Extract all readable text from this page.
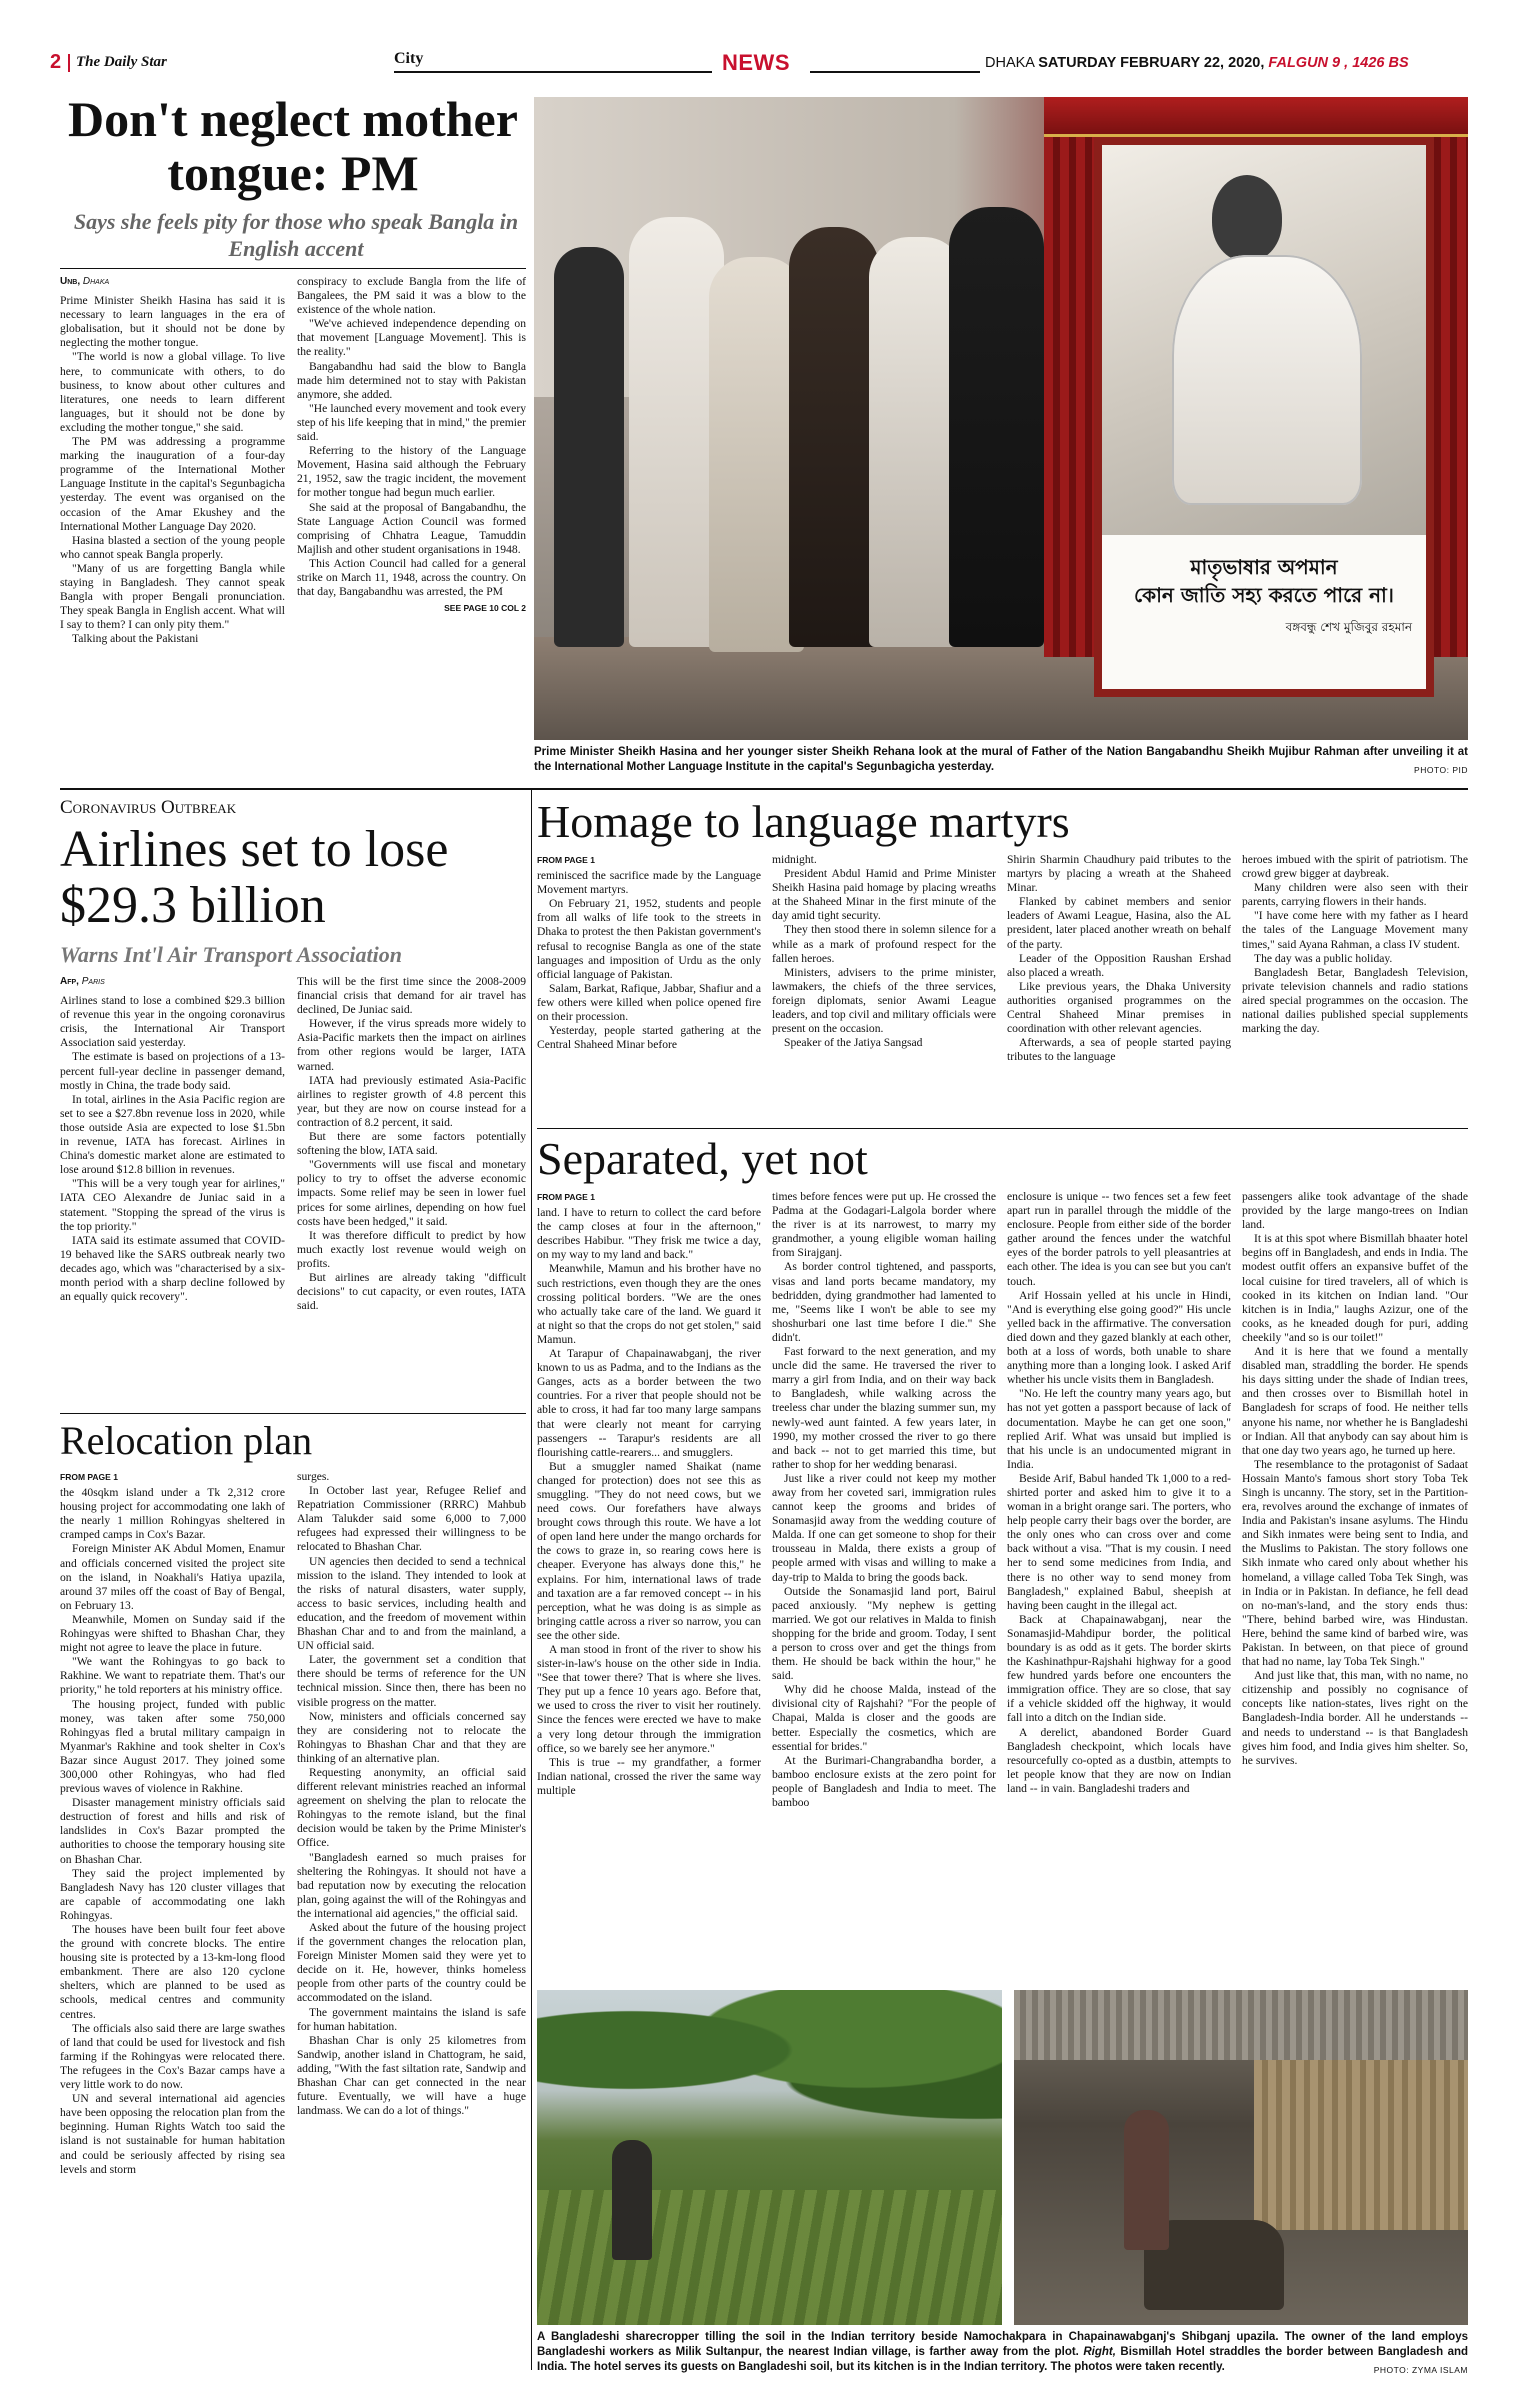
2 The Daily Star	City	NEWS	DHAKA SATURDAY FEBRUARY 22, 2020, FALGUN 9 , 1426 BS
Don't neglect mother tongue: PM
Says she feels pity for those who speak Bangla in English accent
Unb, Dhaka

Prime Minister Sheikh Hasina has said it is necessary to learn languages in the era of globalisation, but it should not be done by neglecting the mother tongue.

"The world is now a global village. To live here, to communicate with others, to do business, to know about other cultures and literatures, one needs to learn different languages, but it should not be done by excluding the mother tongue," she said.

The PM was addressing a programme marking the inauguration of a four-day programme of the International Mother Language Institute in the capital's Segunbagicha yesterday. The event was organised on the occasion of the Amar Ekushey and the International Mother Language Day 2020.

Hasina blasted a section of the young people who cannot speak Bangla properly.

"Many of us are forgetting Bangla while staying in Bangladesh. They cannot speak Bangla with proper Bengali pronunciation. They speak Bangla in English accent. What will I say to them? I can only pity them."

Talking about the Pakistani

conspiracy to exclude Bangla from the life of Bangalees, the PM said it was a blow to the existence of the whole nation.

"We've achieved independence depending on that movement [Language Movement]. This is the reality."

Bangabandhu had said the blow to Bangla made him determined not to stay with Pakistan anymore, she added.

"He launched every movement and took every step of his life keeping that in mind," the premier said.

Referring to the history of the Language Movement, Hasina said although the February 21, 1952, saw the tragic incident, the movement for mother tongue had begun much earlier.

She said at the proposal of Bangabandhu, the State Language Action Council was formed comprising of Chhatra League, Tamuddin Majlish and other student organisations in 1948.

This Action Council had called for a general strike on March 11, 1948, across the country. On that day, Bangabandhu was arrested, the PM

SEE PAGE 10 COL 2

মাতৃভাষার অপমান
কোন জাতি সহ্য করতে পারে না।
বঙ্গবন্ধু শেখ মুজিবুর রহমান
Prime Minister Sheikh Hasina and her younger sister Sheikh Rehana look at the mural of Father of the Nation Bangabandhu Sheikh Mujibur Rahman after unveiling it at the International Mother Language Institute in the capital's Segunbagicha yesterday.	PHOTO: PID
Coronavirus Outbreak
Airlines set to lose $29.3 billion
Warns Int'l Air Transport Association
Afp, Paris

Airlines stand to lose a combined $29.3 billion of revenue this year in the ongoing coronavirus crisis, the International Air Transport Association said yesterday.

The estimate is based on projections of a 13-percent full-year decline in passenger demand, mostly in China, the trade body said.

In total, airlines in the Asia Pacific region are set to see a $27.8bn revenue loss in 2020, while those outside Asia are expected to lose $1.5bn in revenue, IATA has forecast. Airlines in China's domestic market alone are estimated to lose around $12.8 billion in revenues.

"This will be a very tough year for airlines," IATA CEO Alexandre de Juniac said in a statement. "Stopping the spread of the virus is the top priority."

IATA said its estimate assumed that COVID-19 behaved like the SARS outbreak nearly two decades ago, which was "characterised by a six-month period with a sharp decline followed by an equally quick recovery".

This will be the first time since the 2008-2009 financial crisis that demand for air travel has declined, De Juniac said.

However, if the virus spreads more widely to Asia-Pacific markets then the impact on airlines from other regions would be larger, IATA warned.

IATA had previously estimated Asia-Pacific airlines to register growth of 4.8 percent this year, but they are now on course instead for a contraction of 8.2 percent, it said.

But there are some factors potentially softening the blow, IATA said.

"Governments will use fiscal and monetary policy to try to offset the adverse economic impacts. Some relief may be seen in lower fuel prices for some airlines, depending on how fuel costs have been hedged," it said.

It was therefore difficult to predict by how much exactly lost revenue would weigh on profits.

But airlines are already taking "difficult decisions" to cut capacity, or even routes, IATA said.

Relocation plan
FROM PAGE 1

the 40sqkm island under a Tk 2,312 crore housing project for accommodating one lakh of the nearly 1 million Rohingyas sheltered in cramped camps in Cox's Bazar.

Foreign Minister AK Abdul Momen, Enamur and officials concerned visited the project site on the island, in Noakhali's Hatiya upazila, around 37 miles off the coast of Bay of Bengal, on February 13.

Meanwhile, Momen on Sunday said if the Rohingyas were shifted to Bhashan Char, they might not agree to leave the place in future.

"We want the Rohingyas to go back to Rakhine. We want to repatriate them. That's our priority," he told reporters at his ministry office.

The housing project, funded with public money, was taken after some 750,000 Rohingyas fled a brutal military campaign in Myanmar's Rakhine and took shelter in Cox's Bazar since August 2017. They joined some 300,000 other Rohingyas, who had fled previous waves of violence in Rakhine.

Disaster management ministry officials said destruction of forest and hills and risk of landslides in Cox's Bazar prompted the authorities to choose the temporary housing site on Bhashan Char.

They said the project implemented by Bangladesh Navy has 120 cluster villages that are capable of accommodating one lakh Rohingyas.

The houses have been built four feet above the ground with concrete blocks. The entire housing site is protected by a 13-km-long flood embankment. There are also 120 cyclone shelters, which are planned to be used as schools, medical centres and community centres.

The officials also said there are large swathes of land that could be used for livestock and fish farming if the Rohingyas were relocated there. The refugees in the Cox's Bazar camps have a very little work to do now.

UN and several international aid agencies have been opposing the relocation plan from the beginning. Human Rights Watch too said the island is not sustainable for human habitation and could be seriously affected by rising sea levels and storm

surges.

In October last year, Refugee Relief and Repatriation Commissioner (RRRC) Mahbub Alam Talukder said some 6,000 to 7,000 refugees had expressed their willingness to be relocated to Bhashan Char.

UN agencies then decided to send a technical mission to the island. They intended to look at the risks of natural disasters, water supply, access to basic services, including health and education, and the freedom of movement within Bhashan Char and to and from the mainland, a UN official said.

Later, the government set a condition that there should be terms of reference for the UN technical mission. Since then, there has been no visible progress on the matter.

Now, ministers and officials concerned say they are considering not to relocate the Rohingyas to Bhashan Char and that they are thinking of an alternative plan.

Requesting anonymity, an official said different relevant ministries reached an informal agreement on shelving the plan to relocate the Rohingyas to the remote island, but the final decision would be taken by the Prime Minister's Office.

"Bangladesh earned so much praises for sheltering the Rohingyas. It should not have a bad reputation now by executing the relocation plan, going against the will of the Rohingyas and the international aid agencies," the official said.

Asked about the future of the housing project if the government changes the relocation plan, Foreign Minister Momen said they were yet to decide on it. He, however, thinks homeless people from other parts of the country could be accommodated on the island.

The government maintains the island is safe for human habitation.

Bhashan Char is only 25 kilometres from Sandwip, another island in Chattogram, he said, adding, "With the fast siltation rate, Sandwip and Bhashan Char can get connected in the near future. Eventually, we will have a huge landmass. We can do a lot of things."

Homage to language martyrs
FROM PAGE 1

reminisced the sacrifice made by the Language Movement martyrs.

On February 21, 1952, students and people from all walks of life took to the streets in Dhaka to protest the then Pakistan government's refusal to recognise Bangla as one of the state languages and imposition of Urdu as the only official language of Pakistan.

Salam, Barkat, Rafique, Jabbar, Shafiur and a few others were killed when police opened fire on their procession.

Yesterday, people started gathering at the Central Shaheed Minar before

midnight.

President Abdul Hamid and Prime Minister Sheikh Hasina paid homage by placing wreaths at the Shaheed Minar in the first minute of the day amid tight security.

They then stood there in solemn silence for a while as a mark of profound respect for the fallen heroes.

Ministers, advisers to the prime minister, lawmakers, the chiefs of the three services, foreign diplomats, senior Awami League leaders, and top civil and military officials were present on the occasion.

Speaker of the Jatiya Sangsad

Shirin Sharmin Chaudhury paid tributes to the martyrs by placing a wreath at the Shaheed Minar.

Flanked by cabinet members and senior leaders of Awami League, Hasina, also the AL president, later placed another wreath on behalf of the party.

Leader of the Opposition Raushan Ershad also placed a wreath.

Like previous years, the Dhaka University authorities organised programmes on the Central Shaheed Minar premises in coordination with other relevant agencies.

Afterwards, a sea of people started paying tributes to the language

heroes imbued with the spirit of patriotism. The crowd grew bigger at daybreak.

Many children were also seen with their parents, carrying flowers in their hands.

"I have come here with my father as I heard the tales of the Language Movement many times," said Ayana Rahman, a class IV student.

The day was a public holiday.

Bangladesh Betar, Bangladesh Television, private television channels and radio stations aired special programmes on the occasion. The national dailies published special supplements marking the day.

Separated, yet not
FROM PAGE 1

land. I have to return to collect the card before the camp closes at four in the afternoon," describes Habibur. "They frisk me twice a day, on my way to my land and back."

Meanwhile, Mamun and his brother have no such restrictions, even though they are the ones crossing political borders. "We are the ones who actually take care of the land. We guard it at night so that the crops do not get stolen," said Mamun.

At Tarapur of Chapainawabganj, the river known to us as Padma, and to the Indians as the Ganges, acts as a border between the two countries. For a river that people should not be able to cross, it had far too many large sampans that were clearly not meant for carrying passengers -- Tarapur's residents are all flourishing cattle-rearers... and smugglers.

But a smuggler named Shaikat (name changed for protection) does not see this as smuggling. "They do not need cows, but we need cows. Our forefathers have always brought cows through this route. We have a lot of open land here under the mango orchards for the cows to graze in, so rearing cows here is cheaper. Everyone has always done this," he explains. For him, international laws of trade and taxation are a far removed concept -- in his perception, what he was doing is as simple as bringing cattle across a river so narrow, you can see the other side.

A man stood in front of the river to show his sister-in-law's house on the other side in India. "See that tower there? That is where she lives. They put up a fence 10 years ago. Before that, we used to cross the river to visit her routinely. Since the fences were erected we have to make a very long detour through the immigration office, so we barely see her anymore."

This is true -- my grandfather, a former Indian national, crossed the river the same way multiple

times before fences were put up. He crossed the Padma at the Godagari-Lalgola border where the river is at its narrowest, to marry my grandmother, a young eligible woman hailing from Sirajganj.

As border control tightened, and passports, visas and land ports became mandatory, my bedridden, dying grandmother had lamented to me, "Seems like I won't be able to see my shoshurbari one last time before I die." She didn't.

Fast forward to the next generation, and my uncle did the same. He traversed the river to marry a girl from India, and on their way back to Bangladesh, while walking across the treeless char under the blazing summer sun, my newly-wed aunt fainted. A few years later, in 1990, my mother crossed the river to go there and back -- not to get married this time, but rather to shop for her wedding benarasi.

Just like a river could not keep my mother away from her coveted sari, immigration rules cannot keep the grooms and brides of Sonamasjid away from the wedding couture of Malda. If one can get someone to shop for their trousseau in Malda, there exists a group of people armed with visas and willing to make a day-trip to Malda to bring the goods back.

Outside the Sonamasjid land port, Bairul paced anxiously. "My nephew is getting married. We got our relatives in Malda to finish shopping for the bride and groom. Today, I sent a person to cross over and get the things from them. He should be back within the hour," he said.

Why did he choose Malda, instead of the divisional city of Rajshahi? "For the people of Chapai, Malda is closer and the goods are better. Especially the cosmetics, which are essential for brides."

At the Burimari-Changrabandha border, a bamboo enclosure exists at the zero point for people of Bangladesh and India to meet. The bamboo

enclosure is unique -- two fences set a few feet apart run in parallel through the middle of the enclosure. People from either side of the border gather around the fences under the watchful eyes of the border patrols to yell pleasantries at each other. The idea is you can see but you can't touch.

Arif Hossain yelled at his uncle in Hindi, "And is everything else going good?" His uncle yelled back in the affirmative. The conversation died down and they gazed blankly at each other, both at a loss of words, both unable to share anything more than a longing look. I asked Arif whether his uncle visits them in Bangladesh.

"No. He left the country many years ago, but has not yet gotten a passport because of lack of documentation. Maybe he can get one soon," replied Arif. What was unsaid but implied is that his uncle is an undocumented migrant in India.

Beside Arif, Babul handed Tk 1,000 to a red-shirted porter and asked him to give it to a woman in a bright orange sari. The porters, who help people carry their bags over the border, are the only ones who can cross over and come back without a visa. "That is my cousin. I need her to send some medicines from India, and there is no other way to send money from Bangladesh," explained Babul, sheepish at having been caught in the illegal act.

Back at Chapainawabganj, near the Sonamasjid-Mahdipur border, the political boundary is as odd as it gets. The border skirts the Kashinathpur-Rajshahi highway for a good few hundred yards before one encounters the immigration office. They are so close, that say if a vehicle skidded off the highway, it would fall into a ditch on the Indian side.

A derelict, abandoned Border Guard Bangladesh checkpoint, which locals have resourcefully co-opted as a dustbin, attempts to let people know that they are now on Indian land -- in vain. Bangladeshi traders and

passengers alike took advantage of the shade provided by the large mango-trees on Indian land.

It is at this spot where Bismillah bhaater hotel begins off in Bangladesh, and ends in India. The modest outfit offers an expansive buffet of the local cuisine for tired travelers, all of which is cooked in its kitchen on Indian land. "Our kitchen is in India," laughs Azizur, one of the cooks, as he kneaded dough for puri, adding cheekily "and so is our toilet!"

And it is here that we found a mentally disabled man, straddling the border. He spends his days sitting under the shade of Indian trees, and then crosses over to Bismillah hotel in Bangladesh for scraps of food. He neither tells anyone his name, nor whether he is Bangladeshi or Indian. All that anybody can say about him is that one day two years ago, he turned up here.

The resemblance to the protagonist of Sadaat Hossain Manto's famous short story Toba Tek Singh is uncanny. The story, set in the Partition-era, revolves around the exchange of inmates of India and Pakistan's insane asylums. The Hindu and Sikh inmates were being sent to India, and the Muslims to Pakistan. The story follows one Sikh inmate who cared only about whether his homeland, a village called Toba Tek Singh, was in India or in Pakistan. In defiance, he fell dead on no-man's-land, and the story ends thus: "There, behind barbed wire, was Hindustan. Here, behind the same kind of barbed wire, was Pakistan. In between, on that piece of ground that had no name, lay Toba Tek Singh."

And just like that, this man, with no name, no citizenship and possibly no cognisance of concepts like nation-states, lives right on the Bangladesh-India border. All he understands -- and needs to understand -- is that Bangladesh gives him food, and India gives him shelter. So, he survives.

A Bangladeshi sharecropper tilling the soil in the Indian territory beside Namochakpara in Chapainawabganj's Shibganj upazila. The owner of the land employs Bangladeshi workers as Milik Sultanpur, the nearest Indian village, is farther away from the plot. Right, Bismillah Hotel straddles the border between Bangladesh and India. The hotel serves its guests on Bangladeshi soil, but its kitchen is in the Indian territory. The photos were taken recently.	PHOTO: ZYMA ISLAM
